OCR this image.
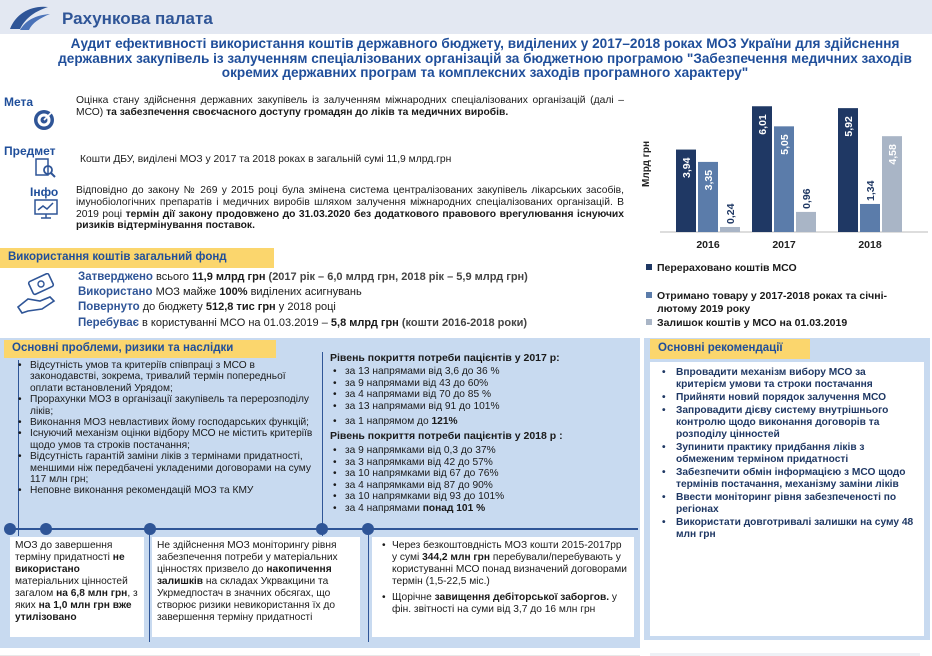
Рахункова палата
Аудит ефективності використання коштів державного бюджету, виділених у 2017–2018 роках МОЗ України для здійснення державних закупівель із залученням спеціалізованих організацій за бюджетною програмою "Забезпечення медичних заходів окремих державних програм та комплексних заходів програмного характеру"
Мета	Оцінка стану здійснення державних закупівель із залученням міжнародних спеціалізованих організацій (далі – МСО) та забезпечення своєчасного доступу громадян до ліків та медичних виробів.
Предмет
Кошти ДБУ, виділені МОЗ у 2017 та 2018 роках в загальній сумі 11,9 млрд.грн
Інфо Відповідно до закону № 269 у 2015 році була змінена система централізованих закупівель лікарських засобів, імунобіологічних препаратів і медичних виробів шляхом залучення міжнародних спеціалізованих організацій. В 2019 році термін дії закону продовжено до 31.03.2020 без додаткового правового врегулювання існуючих ризиків відтермінування поставок.
Використання коштів загальний фонд
Затверджено всього 11,9 млрд грн (2017 рік – 6,0 млрд грн, 2018 рік – 5,9 млрд грн)
Використано МОЗ майже 100% виділених асигнувань
Повернуто до бюджету 512,8 тис грн у 2018 році
Перебуває в користуванні МСО на 01.03.2019 – 5,8 млрд грн (кошти 2016-2018 роки)
Млрд грн	3,94
3,35
0,24
2016
6,01
5,05
0,96
2017
5,92
1,34
4,58
2018
Перераховано коштів МСО
Отримано товару у 2017-2018 роках та січні-
лютому 2019 року
Залишок коштів у МСО на 01.03.2019
Основні проблеми, ризики та наслідки
• Відсутність умов та критеріїв співпраці з МСО в законодавстві, зокрема, тривалий термін попередньої оплати встановлений Урядом;
• Прорахунки МОЗ в організації закупівель та перерозподілу ліків;
• Виконання МОЗ невластивих йому господарських функцій;
• Існуючий механізм оцінки відбору МСО не містить критеріїв щодо умов та строків постачання;
• Відсутність гарантій заміни ліків з термінами придатності, меншими ніж передбачені укладеними договорами на суму 117 млн грн;
• Неповне виконання рекомендацій МОЗ та КМУ
Рівень покриття потреби пацієнтів у 2017 р:
• за 13 напрямами від 3,6 до 36 %
• за 9 напрямами від 43 до 60%
• за 4 напрямами від 70 до 85 %
• за 13 напрямами від 91 до 101%
• за 1 напрямом до 121%
Рівень покриття потреби пацієнтів у 2018 р :
• за 9 напрямками від 0,3 до 37%
• за 3 напрямками від 42 до 57%
• за 10 напрямками від 67 до 76%
• за 4 напрямками від 87 до 90%
• за 10 напрямками від 93 до 101%
• за 4 напрямами понад 101 %
МОЗ до завершення терміну придатності не використано матеріальних цінностей загалом на 6,8 млн грн, з яких на 1,0 млн грн вже утилізовано
Не здійснення МОЗ моніторингу рівня забезпечення потреби у матеріальних цінностях призвело до накопичення залишків на складах Укрвакцини та Укрмедпостач в значних обсягах, що створює ризики невикористання їх до завершення терміну придатності
• Через безкоштовдність МОЗ кошти 2015-2017рр у сумі 344,2 млн грн перебували/перебувають у користуванні МСО понад визначений договорами термін (1,5-22,5 міс.)
• Щорічне завищення дебіторської заборгов. у фін. звітності на суми від 3,7 до 16 млн грн
Основні рекомендації
• Впровадити механізм вибору МСО за критерієм умови та строки постачання
• Прийняти новий порядок залучення МСО
• Запровадити дієву систему внутрішнього контролю щодо виконання договорів та розподілу цінностей
• Зупинити практику придбання ліків з обмеженим терміном придатності
• Забезпечити обмін інформацією з МСО щодо термінів постачання, механізму заміни ліків
• Ввести моніторинг рівня забезпеченості по регіонах
• Використати довготривалі залишки на суму 48 млн грн
